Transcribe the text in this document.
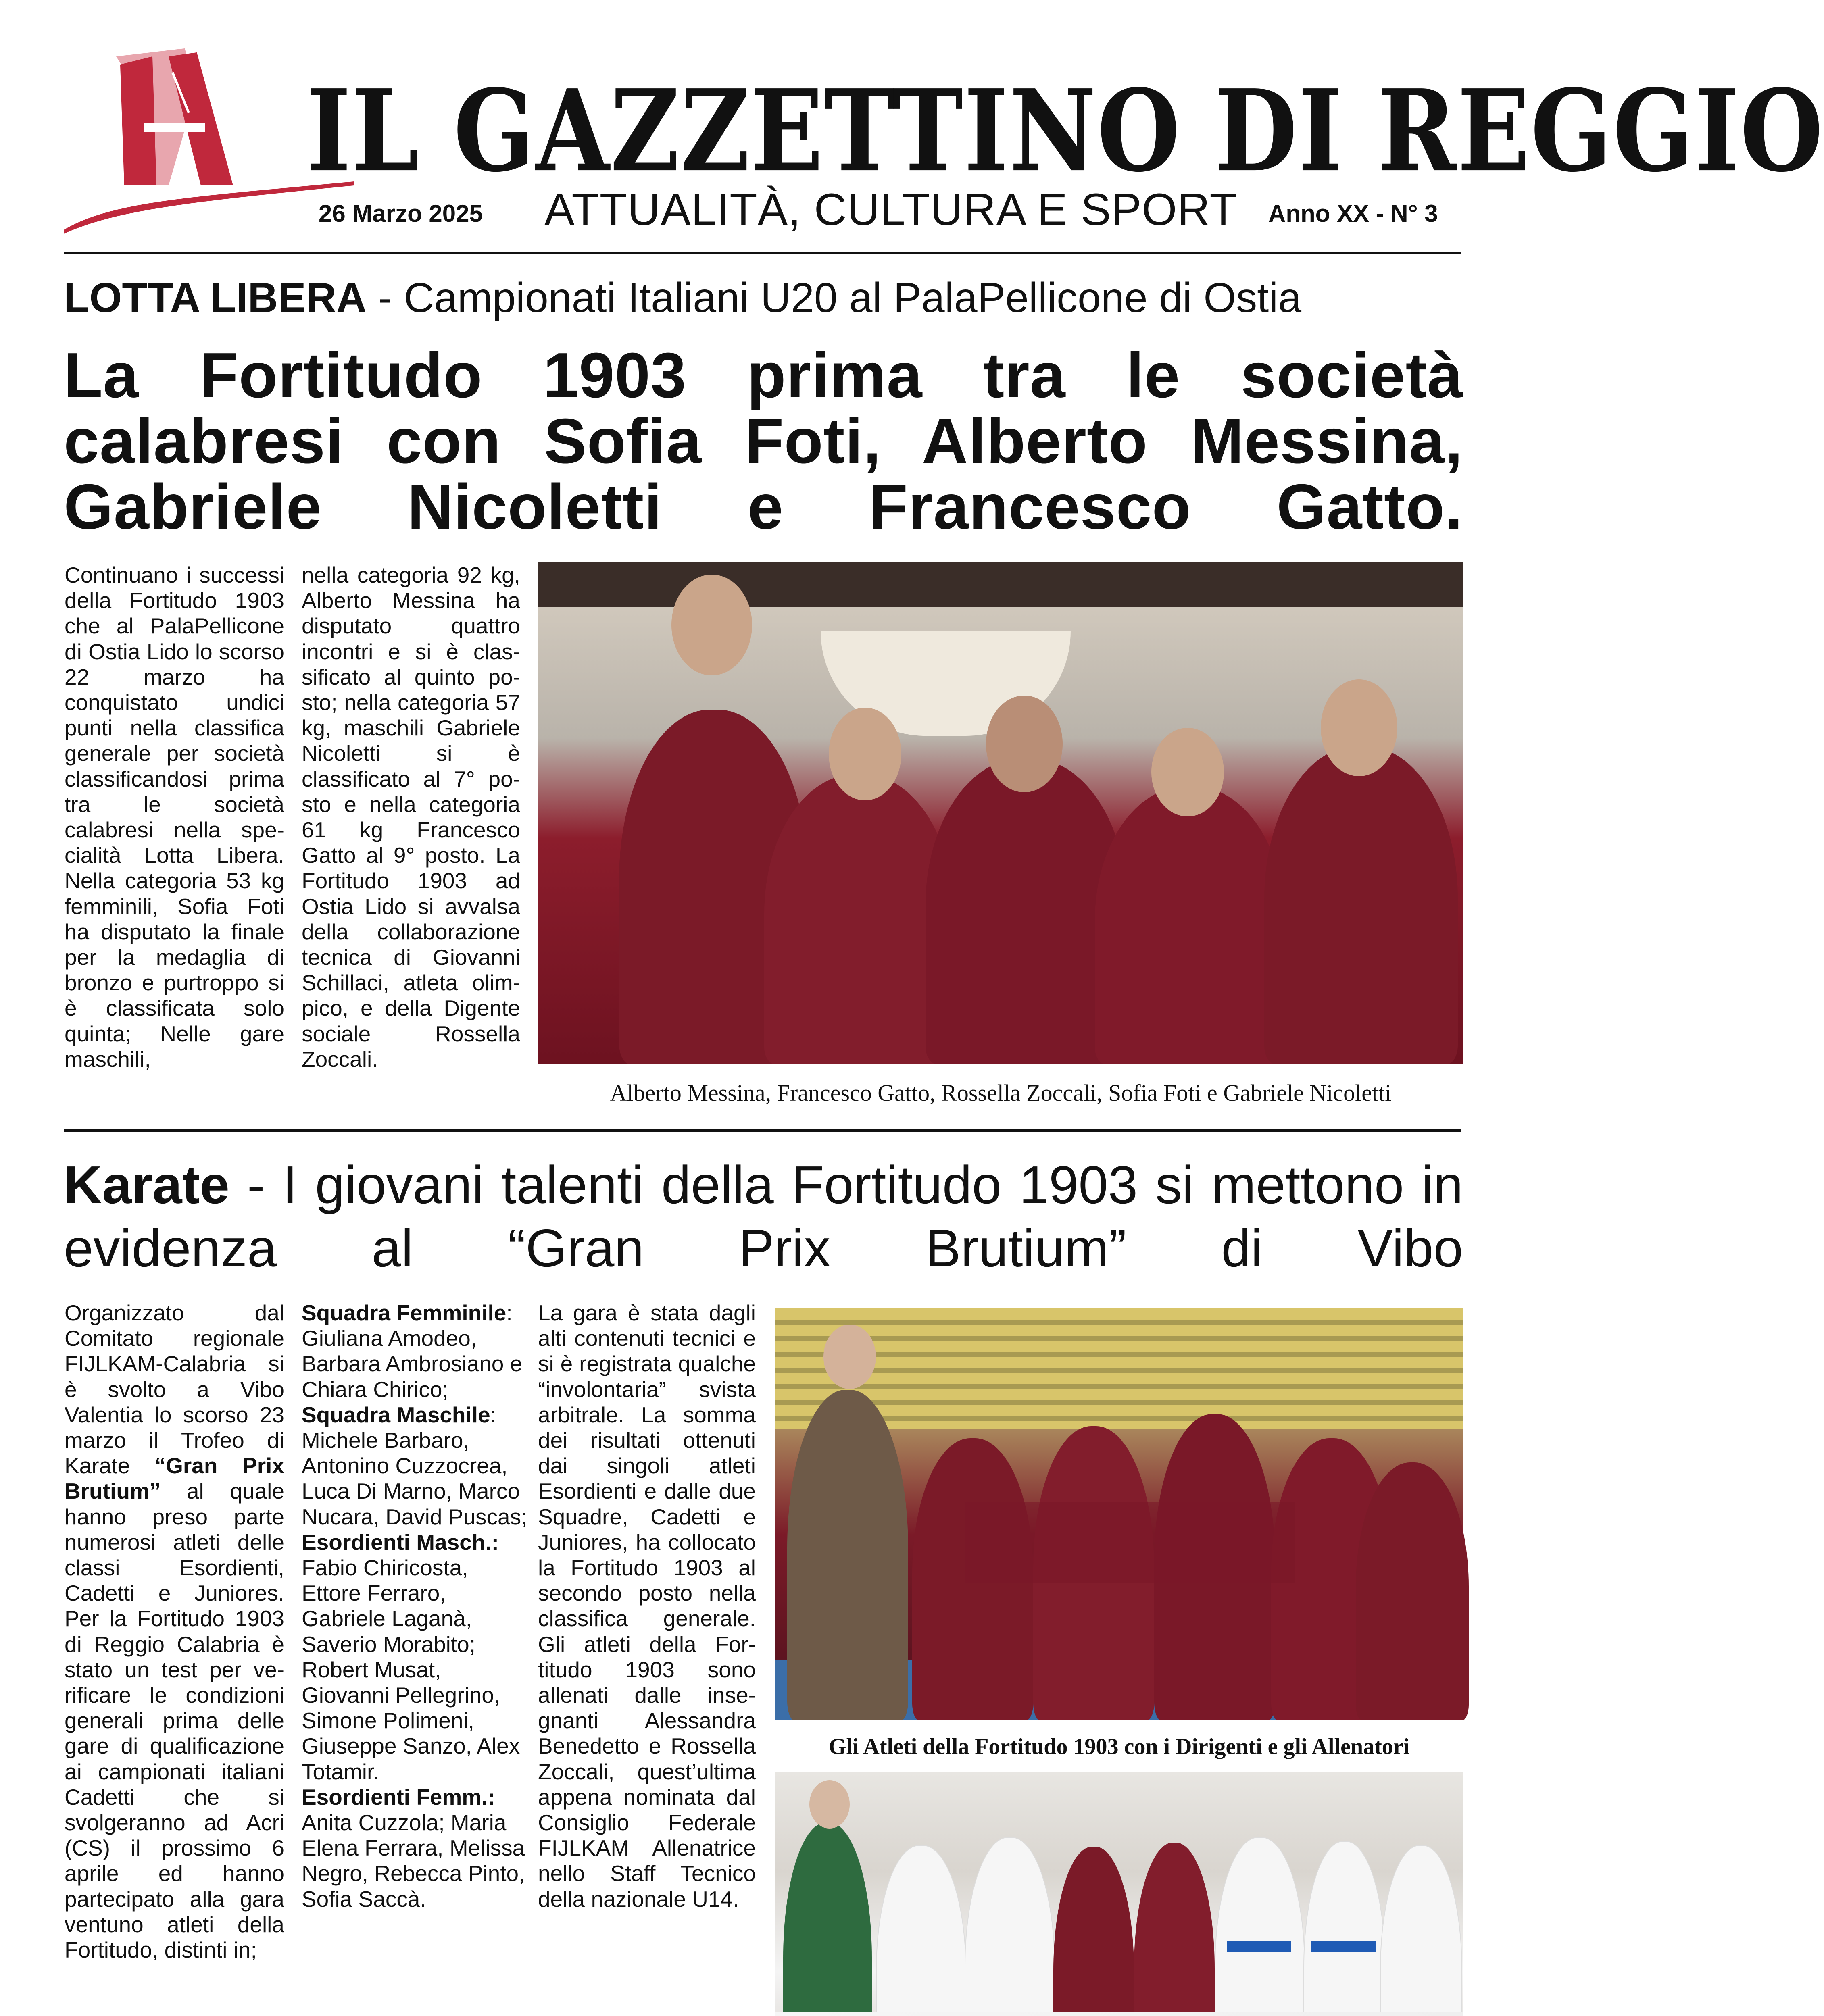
IL GAZZETTINO DI REGGIO
26 Marzo 2025 ATTUALITÀ, CULTURA E SPORT Anno XX - N° 3
LOTTA LIBERA - Campionati Italiani U20 al PalaPellicone di Ostia
La Fortitudo 1903 prima tra le società calabresi con Sofia Foti, Alberto Messina, Gabriele Nicoletti e Francesco Gatto.
Continuano i successi della Fortitudo 1903 che al PalaPellicone di Ostia Lido lo scorso 22 marzo ha conquistato undici punti nella classifica generale per società classificandosi prima tra le società calabresi nella specialità Lotta Libera. Nella categoria 53 kg femminili, Sofia Foti ha disputato la finale per la medaglia di bronzo e purtroppo si è classificata solo quinta; Nelle gare maschili,
nella categoria 92 kg, Alberto Messina ha disputato quattro incontri e si è classificato al quinto posto; nella categoria 57 kg, maschili Gabriele Nicoletti si è classificato al 7° posto e nella categoria 61 kg Francesco Gatto al 9° posto. La Fortitudo 1903 ad Ostia Lido si avvalsa della collaborazione tecnica di Giovanni Schillaci, atleta olimpico, e della Digente sociale Rossella Zoccali.
Alberto Messina, Francesco Gatto, Rossella Zoccali, Sofia Foti e Gabriele Nicoletti
Karate - I giovani talenti della Fortitudo 1903 si mettono in evidenza al “Gran Prix Brutium” di Vibo
Organizzato dal Comitato regionale FIJLKAM-Calabria si è svolto a Vibo Valentia lo scorso 23 marzo il Trofeo di Karate “Gran Prix Brutium” al quale hanno preso parte numerosi atleti delle classi Esordienti, Cadetti e Juniores. Per la Fortitudo 1903 di Reggio Calabria è stato un test per verificare le condizioni generali prima delle gare di qualificazione ai campionati italiani Cadetti che si svolgeranno ad Acri (CS) il prossimo 6 aprile ed hanno partecipato alla gara ventuno atleti della Fortitudo, distinti in;
Squadra Femminile: Giuliana Amodeo, Barbara Ambrosiano e Chiara Chirico;
Squadra Maschile: Michele Barbaro, Antonino Cuzzocrea, Luca Di Marno, Marco Nucara, David Puscas;
Esordienti Masch.: Fabio Chiricosta, Ettore Ferraro, Gabriele Laganà, Saverio Morabito; Robert Musat, Giovanni Pellegrino, Simone Polimeni, Giuseppe Sanzo, Alex Totamir.
Esordienti Femm.: Anita Cuzzola; Maria Elena Ferrara, Melissa Negro, Rebecca Pinto, Sofia Saccà.
La gara è stata dagli alti contenuti tecnici e si è registrata qualche “involontaria” svista arbitrale. La somma dei risultati ottenuti dai singoli atleti Esordienti e dalle due Squadre, Cadetti e Juniores, ha collocato la Fortitudo 1903 al secondo posto nella classifica generale. Gli atleti della Fortitudo 1903 sono allenati dalle insegnanti Alessandra Benedetto e Rossella Zoccali, quest’ultima appena nominata dal Consiglio Federale FIJLKAM Allenatrice nello Staff Tecnico della nazionale U14.
Gli Atleti della Fortitudo 1903 con i Dirigenti e gli Allenatori
